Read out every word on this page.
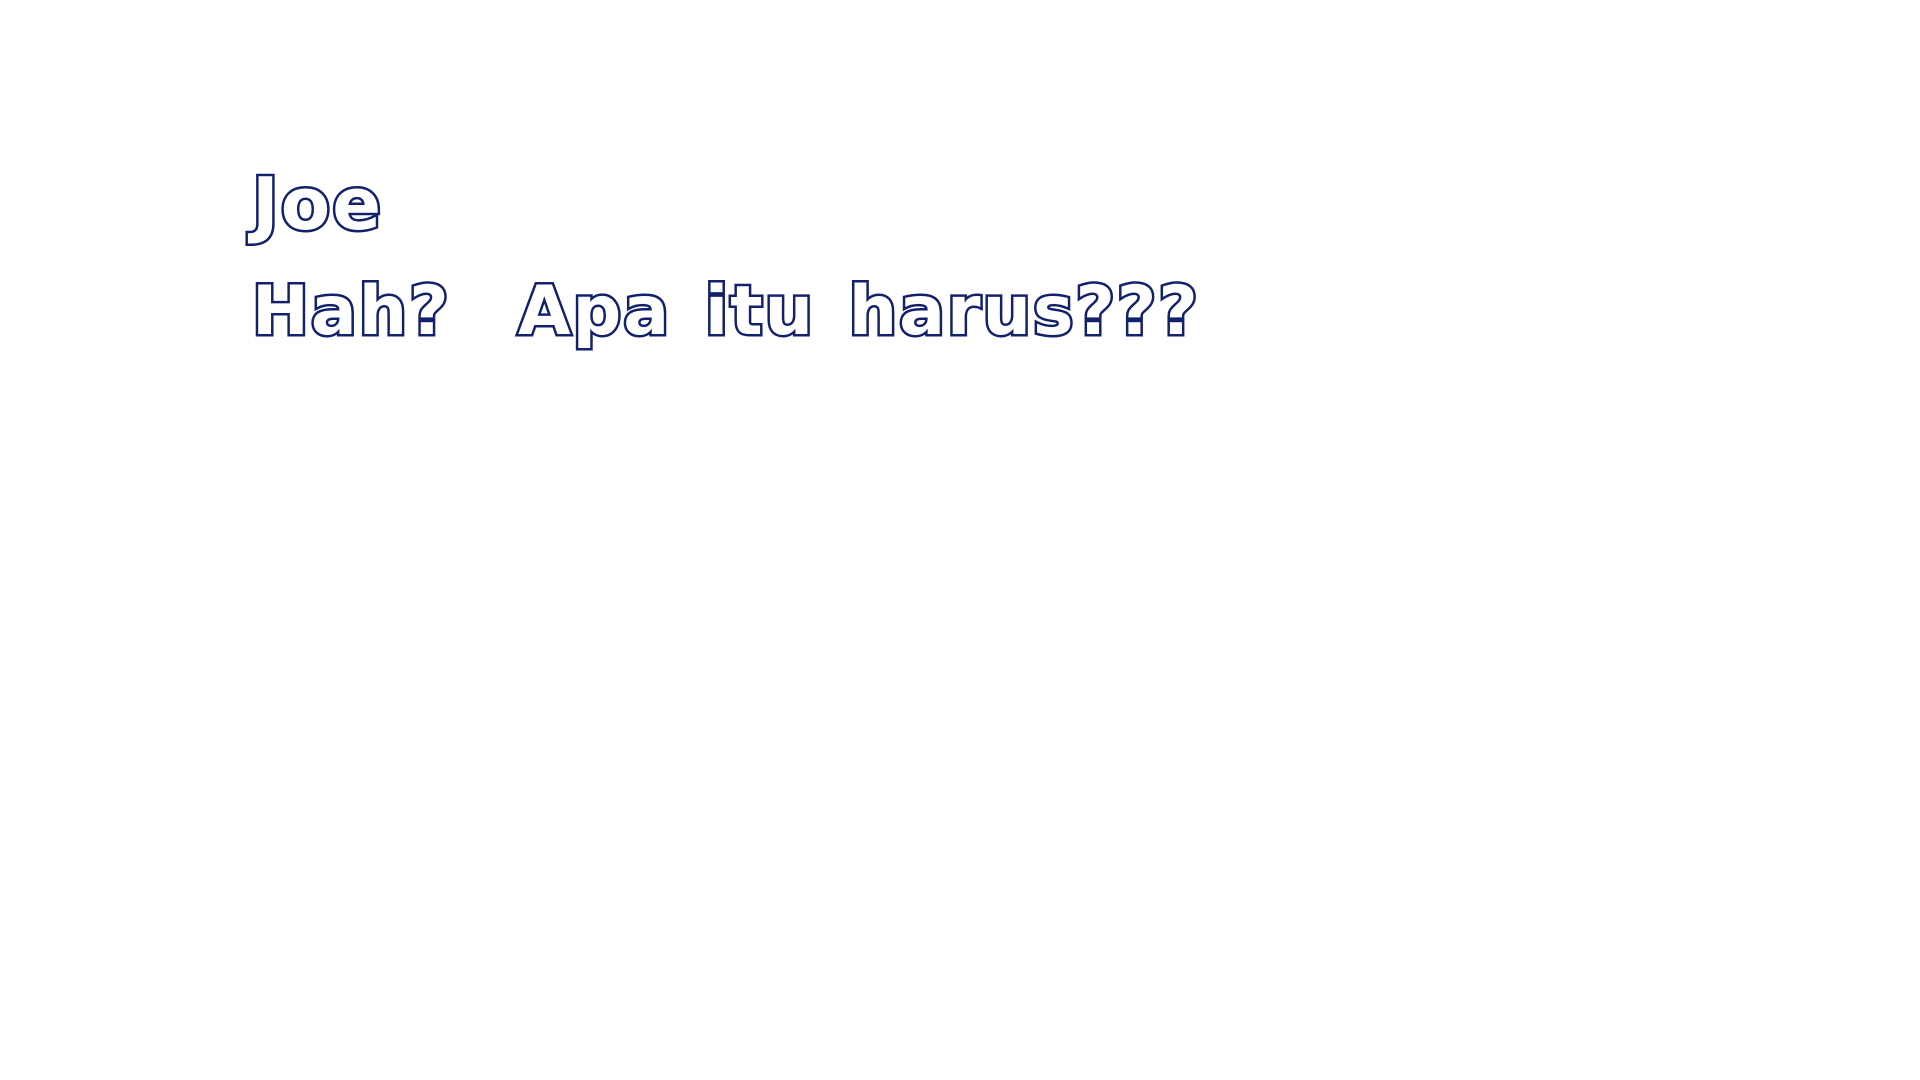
Joe
Hah?  Apa itu harus???
